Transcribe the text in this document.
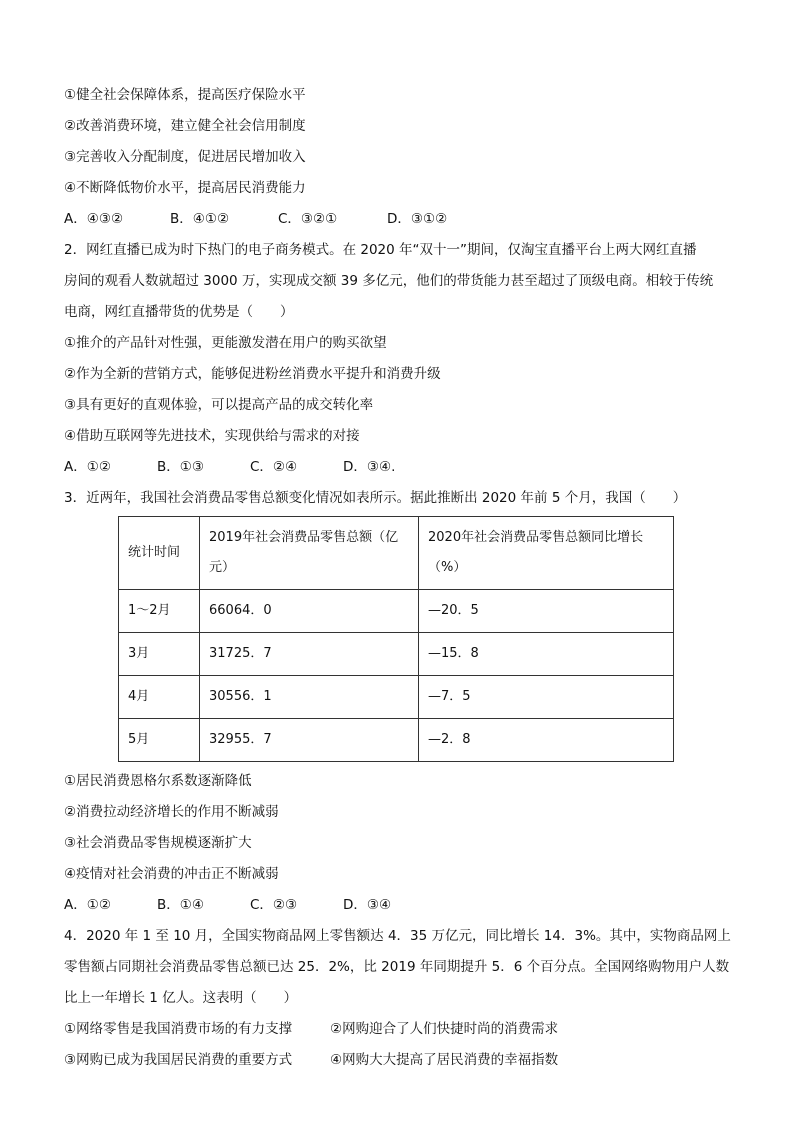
①健全社会保障体系，提高医疗保险水平
②改善消费环境，建立健全社会信用制度
③完善收入分配制度，促进居民增加收入
④不断降低物价水平，提高居民消费能力
A．④③②	B．④①②	C．③②①	D．③①②
2．网红直播已成为时下热门的电子商务模式。在 2020 年“双十一”期间，仅淘宝直播平台上两大网红直播
房间的观看人数就超过 3000 万，实现成交额 39 多亿元，他们的带货能力甚至超过了顶级电商。相较于传统
电商，网红直播带货的优势是（　　）
①推介的产品针对性强，更能激发潜在用户的购买欲望
②作为全新的营销方式，能够促进粉丝消费水平提升和消费升级
③具有更好的直观体验，可以提高产品的成交转化率
④借助互联网等先进技术，实现供给与需求的对接
A．①②	B．①③	C．②④	D．③④.
3．近两年，我国社会消费品零售总额变化情况如表所示。据此推断出 2020 年前 5 个月，我国（　　）
统计时间	2019年社会消费品零售总额（亿元）	2020年社会消费品零售总额同比增长（%）
1～2月	66064．0	—20．5
3月	31725．7	—15．8
4月	30556．1	—7．5
5月	32955．7	—2．8
①居民消费恩格尔系数逐渐降低
②消费拉动经济增长的作用不断减弱
③社会消费品零售规模逐渐扩大
④疫情对社会消费的冲击正不断减弱
A．①②	B．①④	C．②③	D．③④
4．2020 年 1 至 10 月，全国实物商品网上零售额达 4．35 万亿元，同比增长 14．3%。其中，实物商品网上
零售额占同期社会消费品零售总额已达 25．2%，比 2019 年同期提升 5．6 个百分点。全国网络购物用户人数
比上一年增长 1 亿人。这表明（　　）
①网络零售是我国消费市场的有力支撑	②网购迎合了人们快捷时尚的消费需求
③网购已成为我国居民消费的重要方式	④网购大大提高了居民消费的幸福指数
